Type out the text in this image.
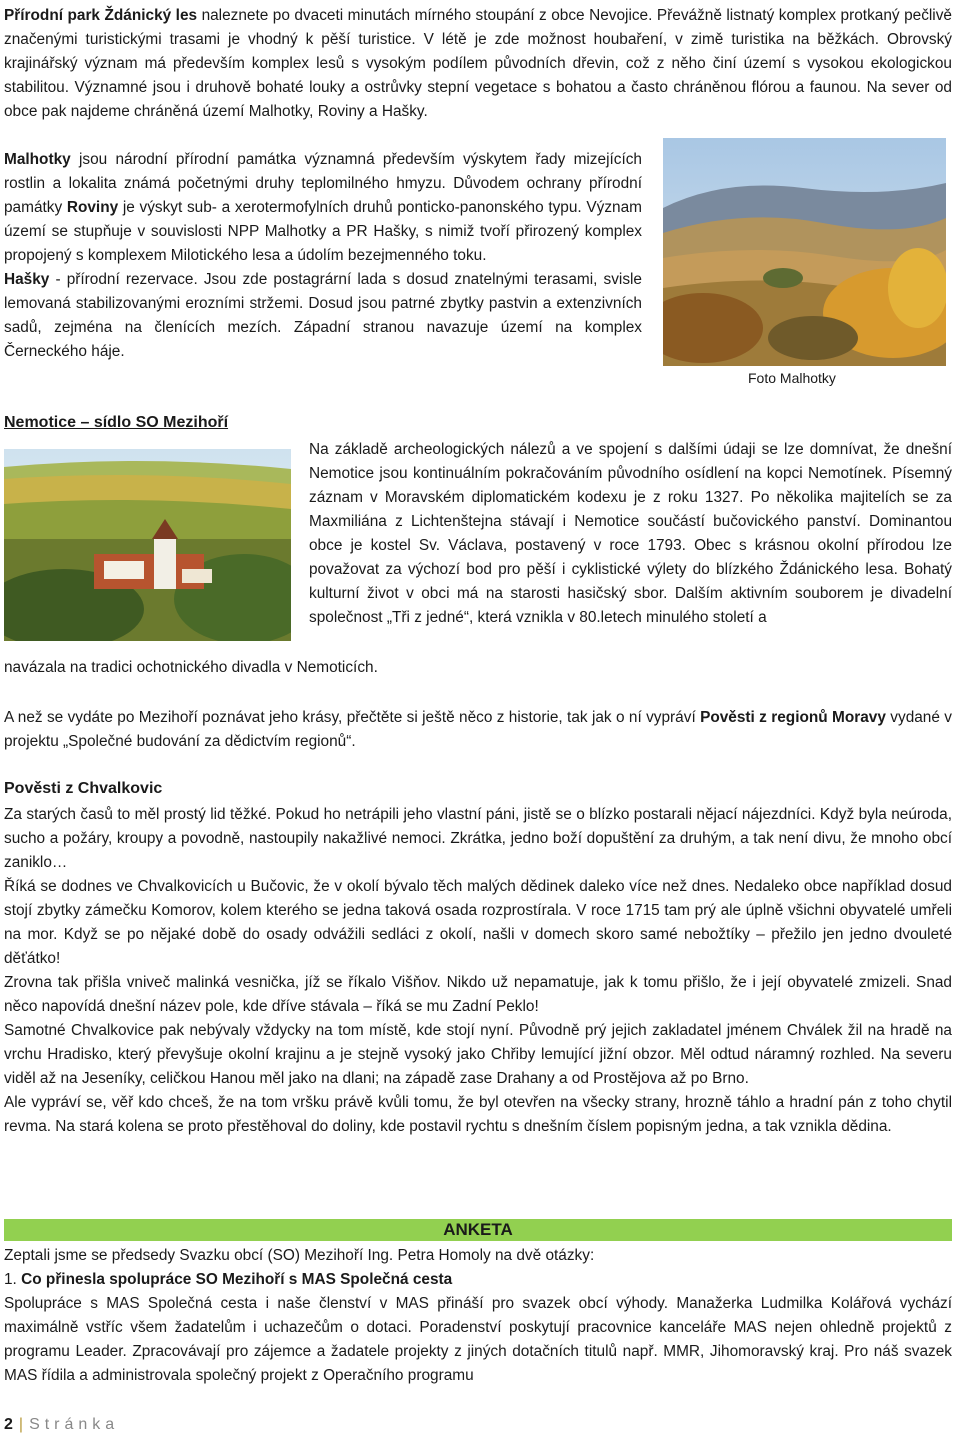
Přírodní park Ždánický les naleznete po dvaceti minutách mírného stoupání z obce Nevojice. Převážně listnatý komplex protkaný pečlivě značenými turistickými trasami je vhodný k pěší turistice. V létě je zde možnost houbaření, v zimě turistika na běžkách. Obrovský krajinářský význam má především komplex lesů s vysokým podílem původních dřevin, což z něho činí území s vysokou ekologickou stabilitou. Významné jsou i druhově bohaté louky a ostrůvky stepní vegetace s bohatou a často chráněnou flórou a faunou. Na sever od obce pak najdeme chráněná území Malhotky, Roviny a Hašky.
Malhotky jsou národní přírodní památka významná především výskytem řady mizejících rostlin a lokalita známá početnými druhy teplomilného hmyzu. Důvodem ochrany přírodní památky Roviny je výskyt sub- a xerotermofylních druhů ponticko-panonského typu. Význam území se stupňuje v souvislosti NPP Malhotky a PR Hašky, s nimiž tvoří přirozený komplex propojený s komplexem Milotického lesa a údolím bezejmenného toku.
Hašky - přírodní rezervace. Jsou zde postagrární lada s dosud znatelnými terasami, svisle lemovaná stabilizovanými erozními stržemi. Dosud jsou patrné zbytky pastvin a extenzivních sadů, zejména na členících mezích. Západní stranou navazuje území na komplex Černeckého háje.
Foto Malhotky
Nemotice – sídlo SO Mezihoří
Na základě archeologických nálezů a ve spojení s dalšími údaji se lze domnívat, že dnešní Nemotice jsou kontinuálním pokračováním původního osídlení na kopci Nemotínek. Písemný záznam v Moravském diplomatickém kodexu je z roku 1327. Po několika majitelích se za Maxmiliána z Lichtenštejna stávají i Nemotice součástí bučovického panství. Dominantou obce je kostel Sv. Václava, postavený v roce 1793. Obec s krásnou okolní přírodou lze považovat za výchozí bod pro pěší i cyklistické výlety do blízkého Ždánického lesa. Bohatý kulturní život v obci má na starosti hasičský sbor. Dalším aktivním souborem je divadelní společnost „Tři z jedné“, která vznikla v 80.letech minulého století a
navázala na tradici ochotnického divadla v Nemoticích.
A než se vydáte po Mezihoří poznávat jeho krásy, přečtěte si ještě něco z historie, tak jak o ní vypráví Pověsti z regionů Moravy vydané v projektu „Společné budování za dědictvím regionů“.
Pověsti z Chvalkovic

Za starých časů to měl prostý lid těžké. Pokud ho netrápili jeho vlastní páni, jistě se o blízko postarali nějací nájezdníci. Když byla neúroda, sucho a požáry, kroupy a povodně, nastoupily nakažlivé nemoci. Zkrátka, jedno boží dopuštění za druhým, a tak není divu, že mnoho obcí zaniklo…

Říká se dodnes ve Chvalkovicích u Bučovic, že v okolí bývalo těch malých dědinek daleko více než dnes. Nedaleko obce například dosud stojí zbytky zámečku Komorov, kolem kterého se jedna taková osada rozprostírala. V roce 1715 tam prý ale úplně všichni obyvatelé umřeli na mor. Když se po nějaké době do osady odvážili sedláci z okolí, našli v domech skoro samé nebožtíky – přežilo jen jedno dvouleté děťátko!

Zrovna tak přišla vniveč malinká vesnička, jíž se říkalo Višňov. Nikdo už nepamatuje, jak k tomu přišlo, že i její obyvatelé zmizeli. Snad něco napovídá dnešní název pole, kde dříve stávala – říká se mu Zadní Peklo!

Samotné Chvalkovice pak nebývaly vždycky na tom místě, kde stojí nyní. Původně prý jejich zakladatel jménem Chválek žil na hradě na vrchu Hradisko, který převyšuje okolní krajinu a je stejně vysoký jako Chřiby lemující jižní obzor. Měl odtud náramný rozhled. Na severu viděl až na Jeseníky, celičkou Hanou měl jako na dlani; na západě zase Drahany a od Prostějova až po Brno.

Ale vypráví se, věř kdo chceš, že na tom vršku právě kvůli tomu, že byl otevřen na všecky strany, hrozně táhlo a hradní pán z toho chytil revma. Na stará kolena se proto přestěhoval do doliny, kde postavil rychtu s dnešním číslem popisným jedna, a tak vznikla dědina.

ANKETA

Zeptali jsme se předsedy Svazku obcí (SO) Mezihoří Ing. Petra Homoly na dvě otázky:

1. Co přinesla spolupráce SO Mezihoří s MAS Společná cesta

Spolupráce s MAS Společná cesta i naše členství v MAS přináší pro svazek obcí výhody. Manažerka Ludmilka Kolářová vychází maximálně vstříc všem žadatelům i uchazečům o dotaci. Poradenství poskytují pracovnice kanceláře MAS nejen ohledně projektů z programu Leader. Zpracovávají pro zájemce a žadatele projekty z jiných dotačních titulů např. MMR, Jihomoravský kraj. Pro náš svazek MAS řídila a administrovala společný projekt z Operačního programu

2 | Stránka
